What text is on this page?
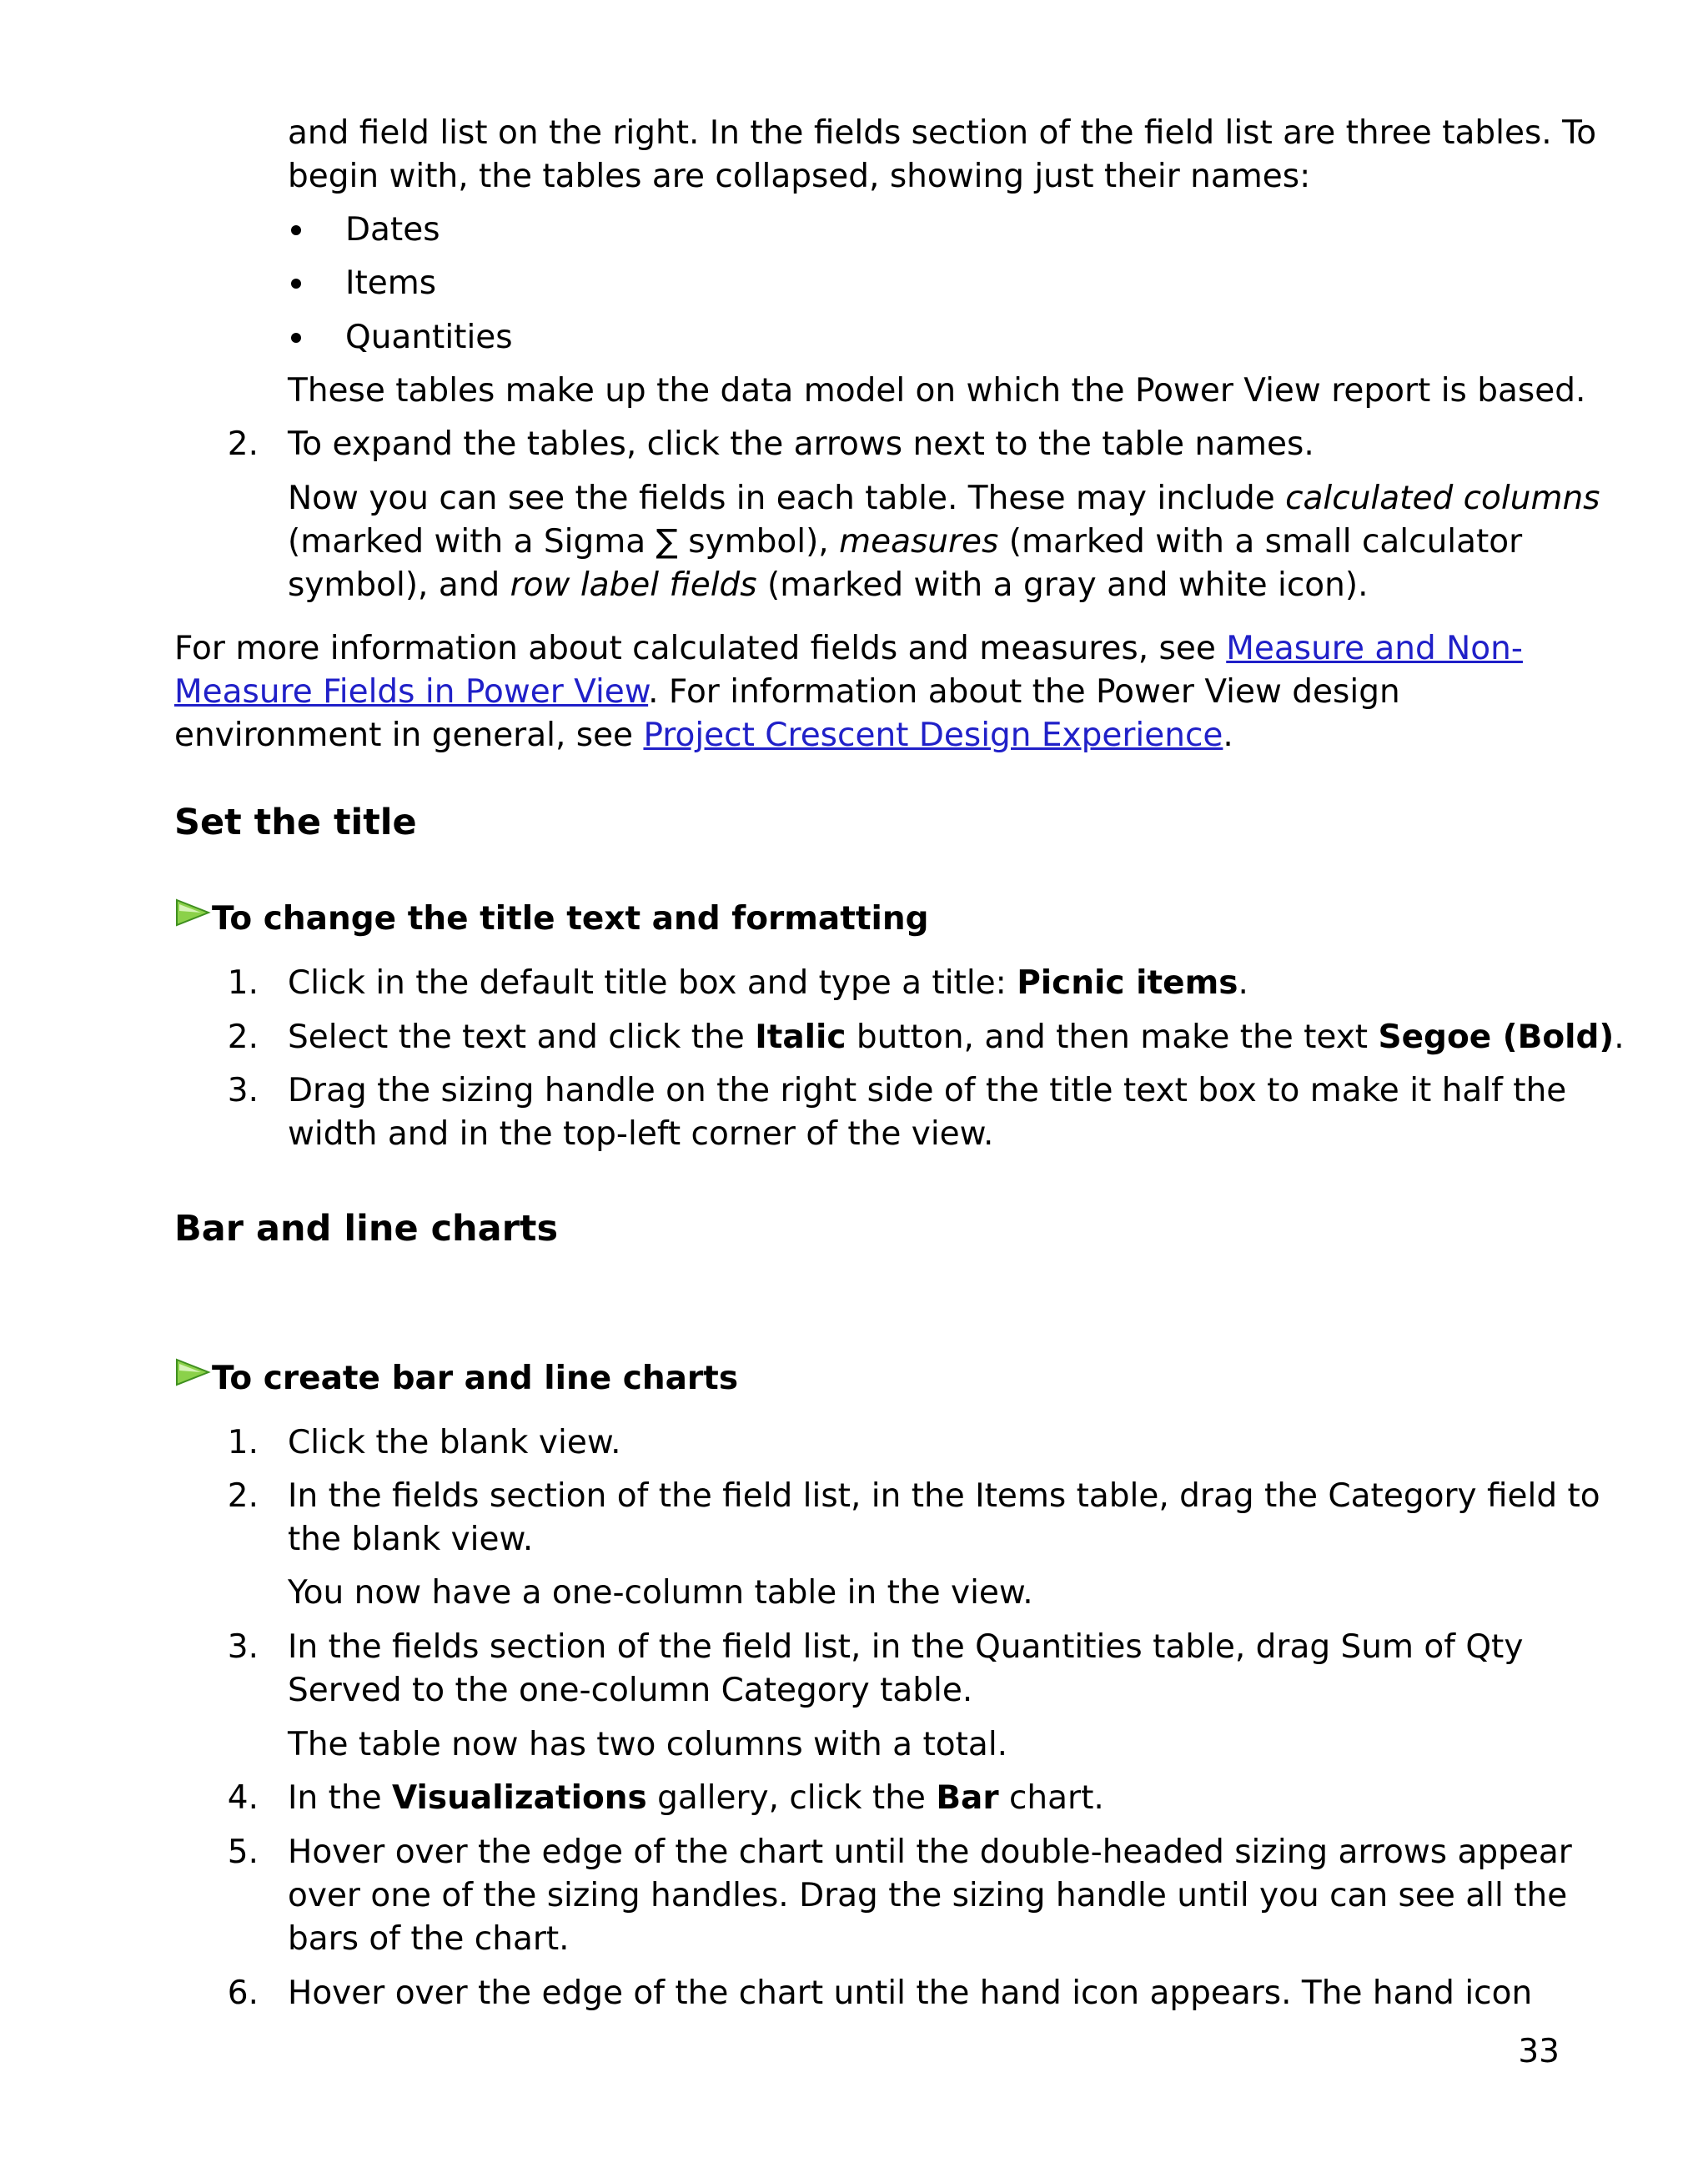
and field list on the right. In the fields section of the field list are three tables. To

begin with, the tables are collapsed, showing just their names:

Dates
Items
Quantities

These tables make up the data model on which the Power View report is based.

2. To expand the tables, click the arrows next to the table names.

Now you can see the fields in each table. These may include calculated columns

(marked with a Sigma ∑ symbol), measures (marked with a small calculator

symbol), and row label fields (marked with a gray and white icon).

For more information about calculated fields and measures, see Measure and Non-

Measure Fields in Power View. For information about the Power View design

environment in general, see Project Crescent Design Experience.

Set the title

To change the title text and formatting

1. Click in the default title box and type a title: Picnic items.

2. Select the text and click the Italic button, and then make the text Segoe (Bold).

3. Drag the sizing handle on the right side of the title text box to make it half the

width and in the top-left corner of the view.

Bar and line charts

To create bar and line charts

1. Click the blank view.

2. In the fields section of the field list, in the Items table, drag the Category field to

the blank view.

You now have a one-column table in the view.

3. In the fields section of the field list, in the Quantities table, drag Sum of Qty

Served to the one-column Category table.

The table now has two columns with a total.

4. In the Visualizations gallery, click the Bar chart.

5. Hover over the edge of the chart until the double-headed sizing arrows appear

over one of the sizing handles. Drag the sizing handle until you can see all the

bars of the chart.

6. Hover over the edge of the chart until the hand icon appears. The hand icon

33
